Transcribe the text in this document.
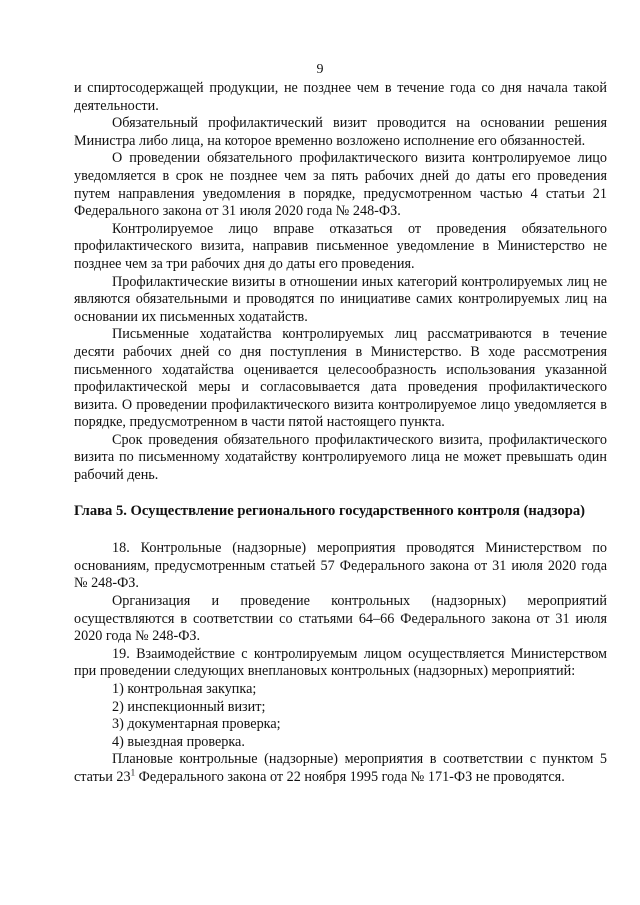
9

и спиртосодержащей продукции, не позднее чем в течение года со дня начала такой деятельности.

Обязательный профилактический визит проводится на основании решения Министра либо лица, на которое временно возложено исполнение его обязанностей.

О проведении обязательного профилактического визита контролируемое лицо уведомляется в срок не позднее чем за пять рабочих дней до даты его проведения путем направления уведомления в порядке, предусмотренном частью 4 статьи 21 Федерального закона от 31 июля 2020 года № 248-ФЗ.

Контролируемое лицо вправе отказаться от проведения обязательного профилактического визита, направив письменное уведомление в Министерство не позднее чем за три рабочих дня до даты его проведения.

Профилактические визиты в отношении иных категорий контролируемых лиц не являются обязательными и проводятся по инициативе самих контролируемых лиц на основании их письменных ходатайств.

Письменные ходатайства контролируемых лиц рассматриваются в течение десяти рабочих дней со дня поступления в Министерство. В ходе рассмотрения письменного ходатайства оценивается целесообразность использования указанной профилактической меры и согласовывается дата проведения профилактического визита. О проведении профилактического визита контролируемое лицо уведомляется в порядке, предусмотренном в части пятой настоящего пункта.

Срок проведения обязательного профилактического визита, профилактического визита по письменному ходатайству контролируемого лица не может превышать один рабочий день.

Глава 5. Осуществление регионального государственного контроля (надзора)

18. Контрольные (надзорные) мероприятия проводятся Министерством по основаниям, предусмотренным статьей 57 Федерального закона от 31 июля 2020 года № 248-ФЗ.

Организация и проведение контрольных (надзорных) мероприятий осуществляются в соответствии со статьями 64–66 Федерального закона от 31 июля 2020 года № 248-ФЗ.

19. Взаимодействие с контролируемым лицом осуществляется Министерством при проведении следующих внеплановых контрольных (надзорных) мероприятий:

1) контрольная закупка;

2) инспекционный визит;

3) документарная проверка;

4) выездная проверка.

Плановые контрольные (надзорные) мероприятия в соответствии с пунктом 5 статьи $23^1$ Федерального закона от 22 ноября 1995 года № 171-ФЗ не проводятся.
